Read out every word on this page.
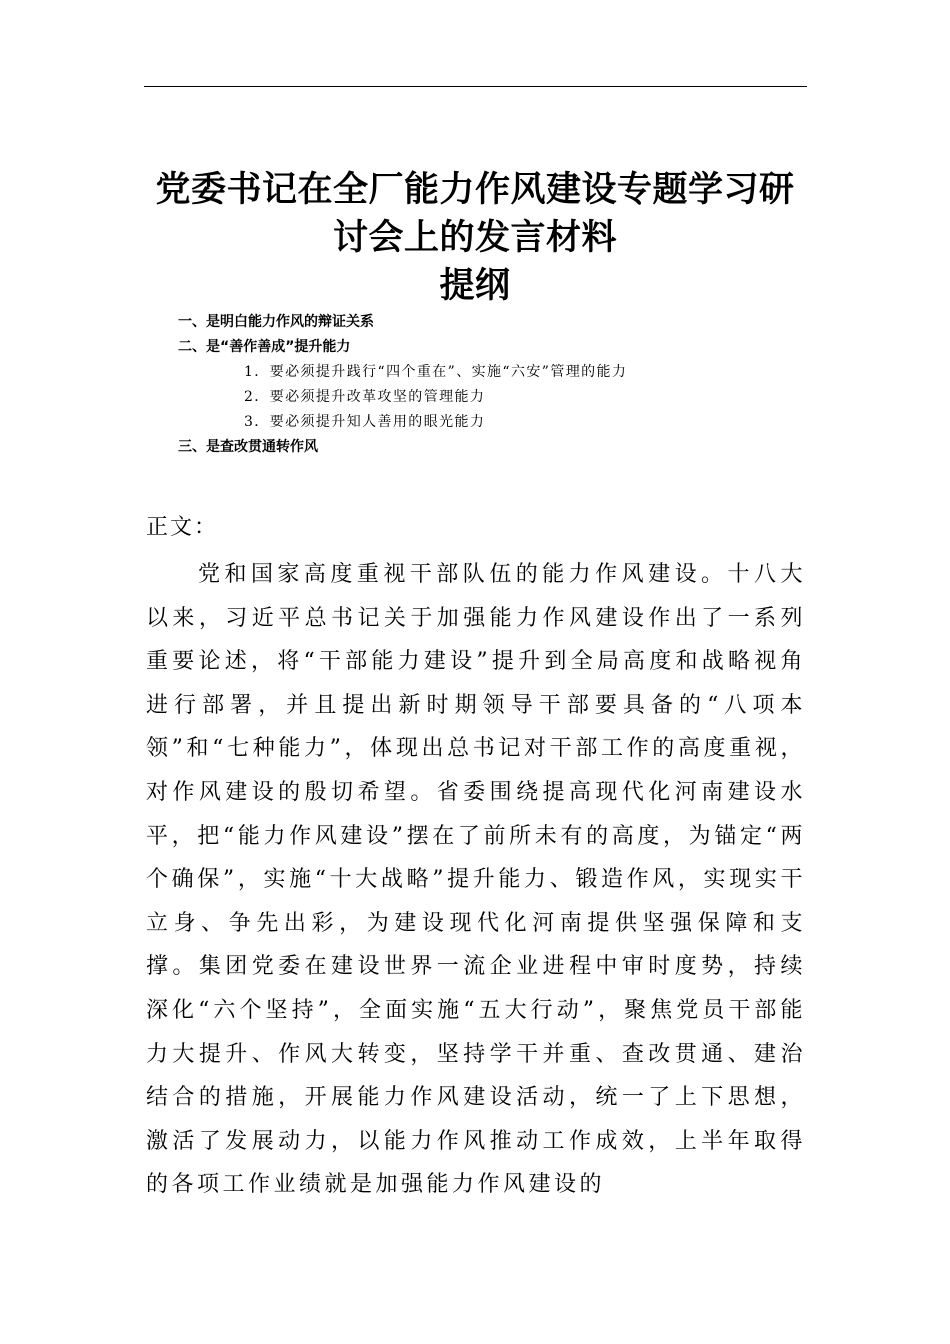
党委书记在全厂能力作风建设专题学习研
讨会上的发言材料
提纲
一、是明白能力作风的辩证关系
二、是“善作善成”提升能力
1．要必须提升践行“四个重在”、实施“六安”管理的能力
2．要必须提升改革攻坚的管理能力
3．要必须提升知人善用的眼光能力
三、是查改贯通转作风
正文：

党和国家高度重视干部队伍的能力作风建设。十八大以来，习近平总书记关于加强能力作风建设作出了一系列重要论述，将“干部能力建设”提升到全局高度和战略视角进行部署，并且提出新时期领导干部要具备的“八项本领”和“七种能力”，体现出总书记对干部工作的高度重视，对作风建设的殷切希望。省委围绕提高现代化河南建设水平，把“能力作风建设”摆在了前所未有的高度，为锚定“两个确保”，实施“十大战略”提升能力、锻造作风，实现实干立身、争先出彩，为建设现代化河南提供坚强保障和支撑。集团党委在建设世界一流企业进程中审时度势，持续深化“六个坚持”，全面实施“五大行动”，聚焦党员干部能力大提升、作风大转变，坚持学干并重、查改贯通、建治结合的措施，开展能力作风建设活动，统一了上下思想，激活了发展动力，以能力作风推动工作成效，上半年取得的各项工作业绩就是加强能力作风建设的
